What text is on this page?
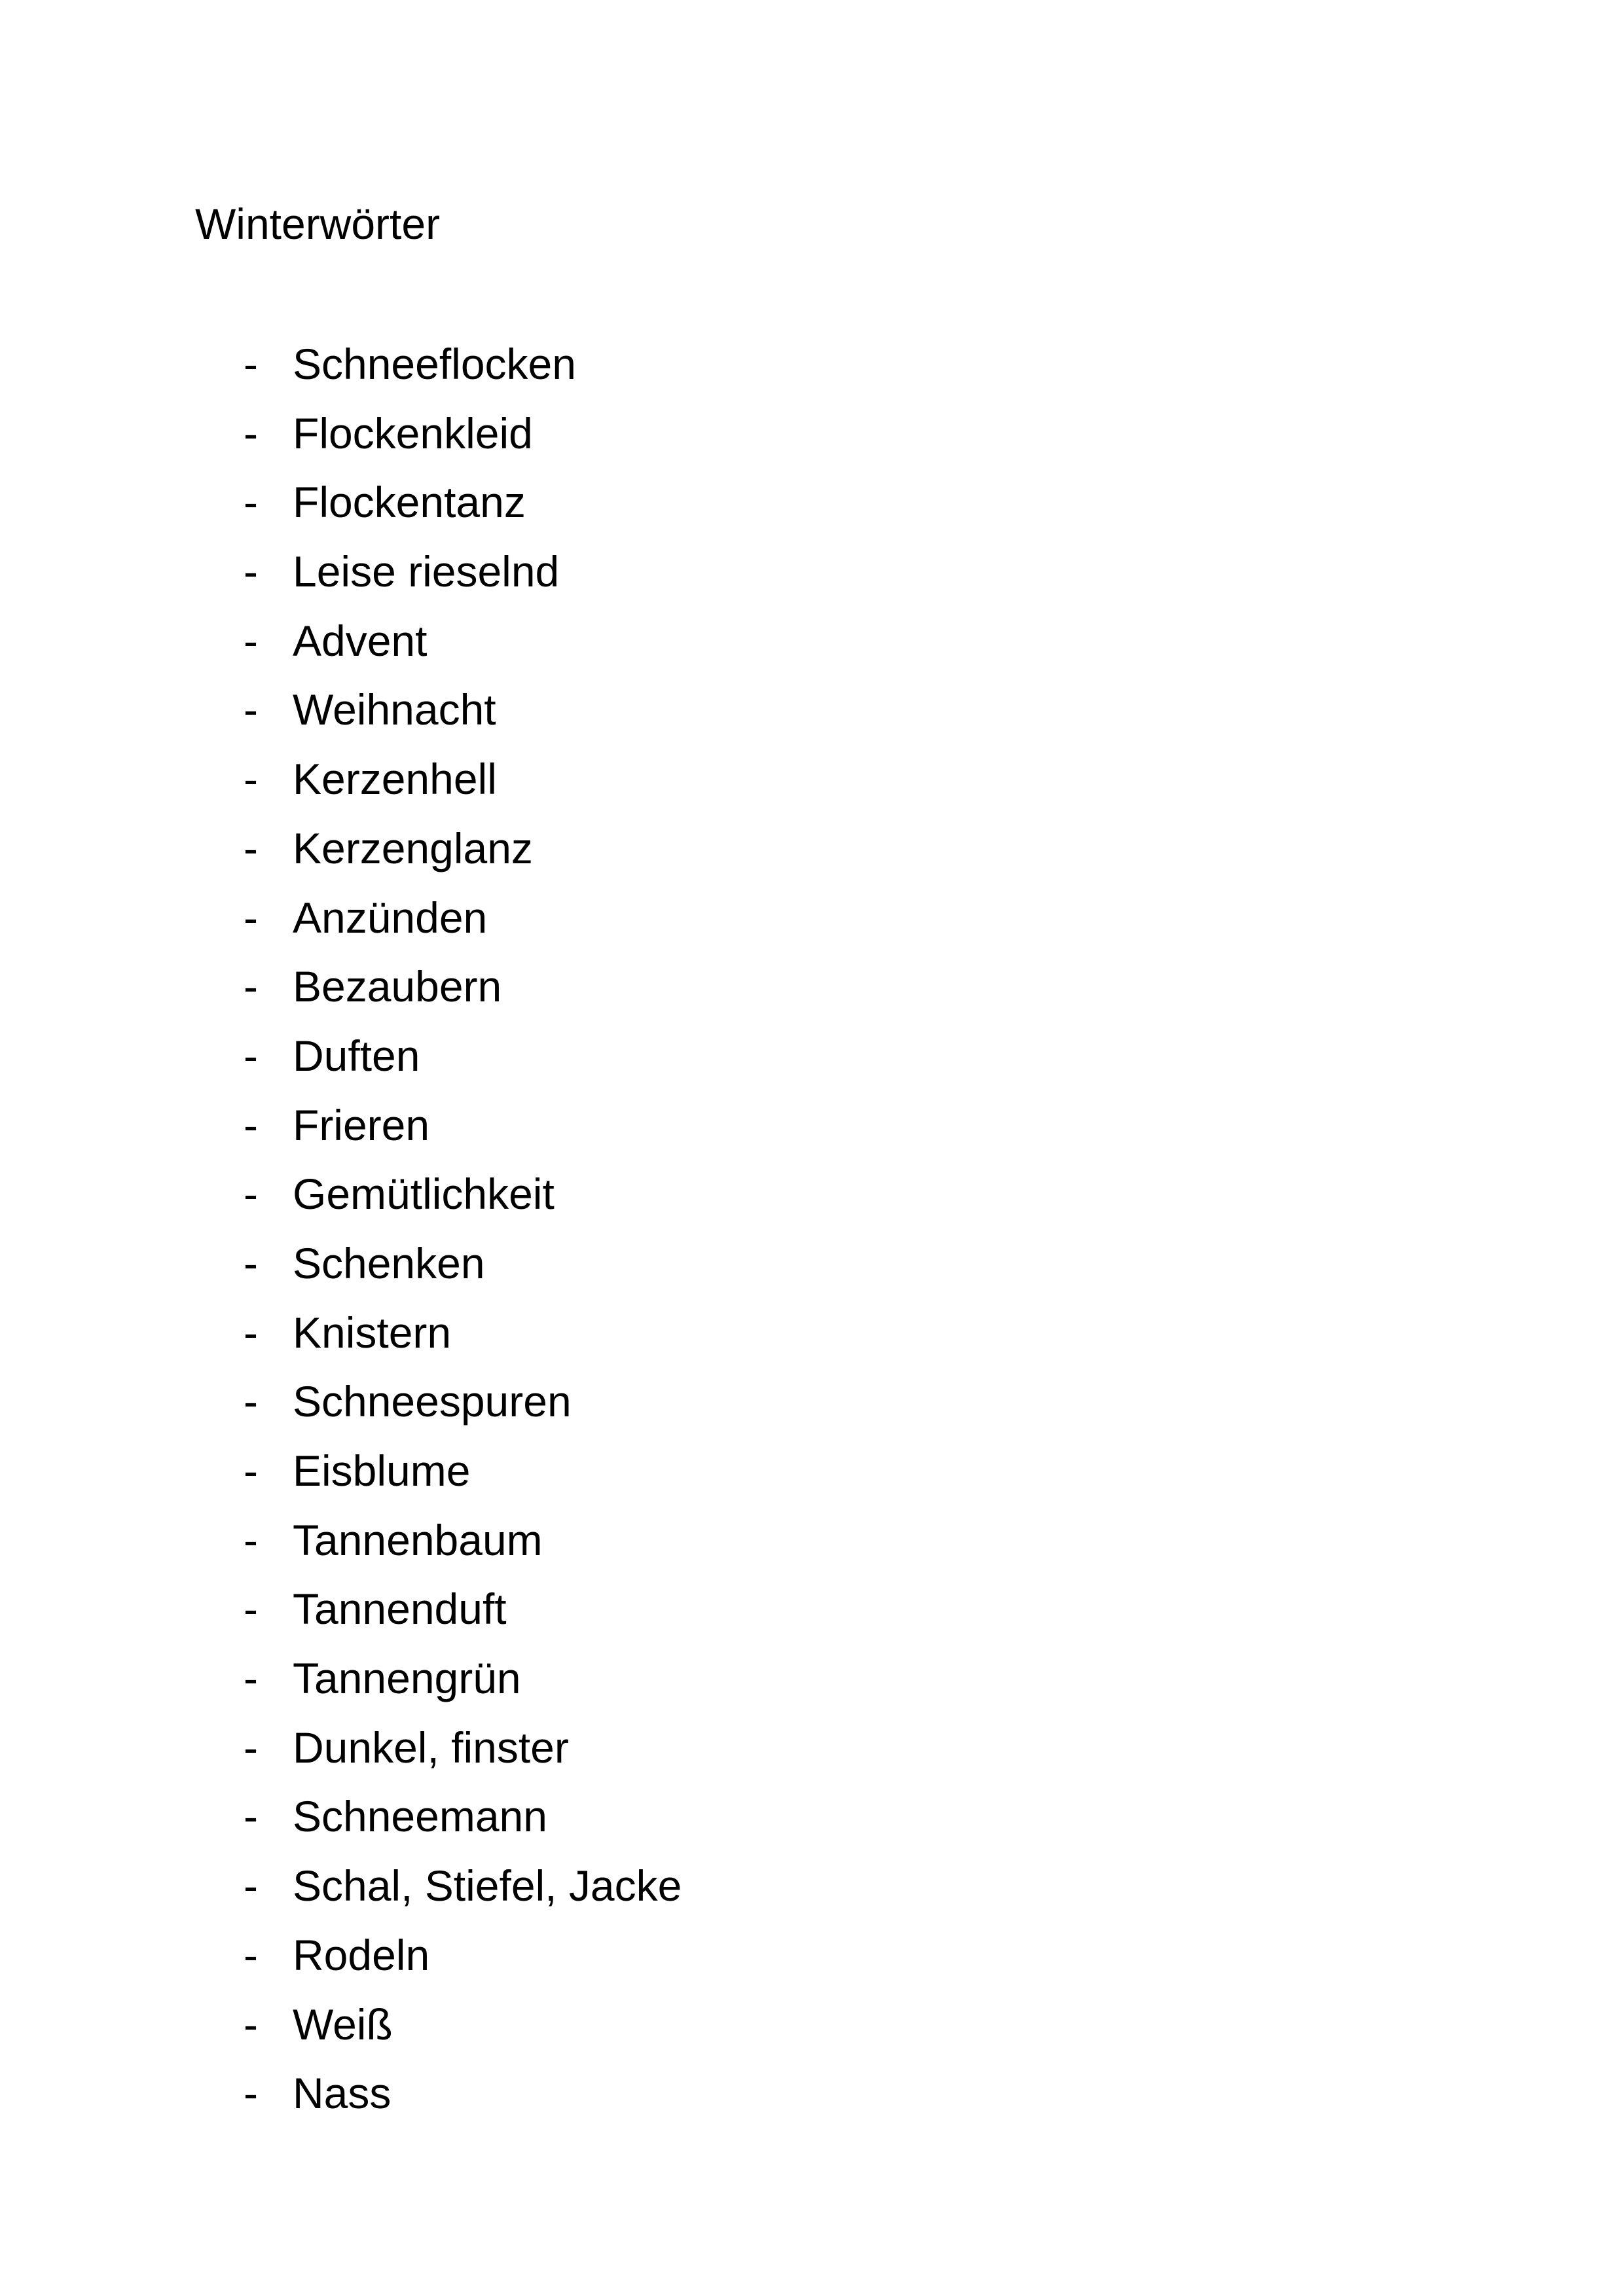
Winterwörter
- Schneeflocken
- Flockenkleid
- Flockentanz
- Leise rieselnd
- Advent
- Weihnacht
- Kerzenhell
- Kerzenglanz
- Anzünden
- Bezaubern
- Duften
- Frieren
- Gemütlichkeit
- Schenken
- Knistern
- Schneespuren
- Eisblume
- Tannenbaum
- Tannenduft
- Tannengrün
- Dunkel, finster
- Schneemann
- Schal, Stiefel, Jacke
- Rodeln
- Weiß
- Nass
